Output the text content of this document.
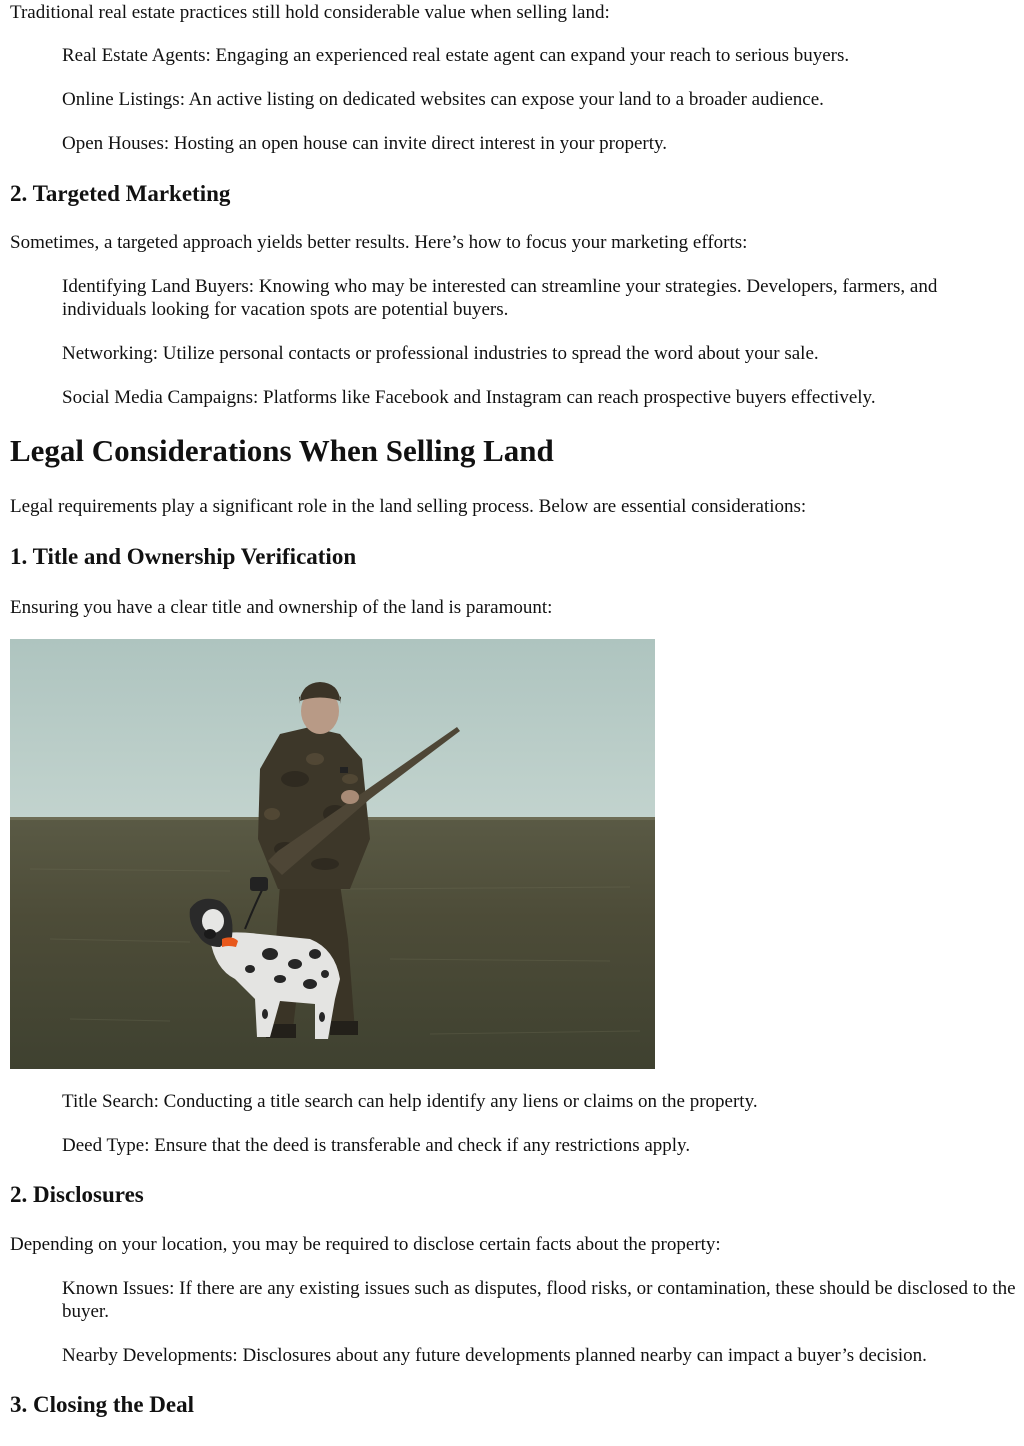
Traditional real estate practices still hold considerable value when selling land:

Real Estate Agents: Engaging an experienced real estate agent can expand your reach to serious buyers.

Online Listings: An active listing on dedicated websites can expose your land to a broader audience.

Open Houses: Hosting an open house can invite direct interest in your property.

2. Targeted Marketing

Sometimes, a targeted approach yields better results. Here’s how to focus your marketing efforts:

Identifying Land Buyers: Knowing who may be interested can streamline your strategies. Developers, farmers, and individuals looking for vacation spots are potential buyers.

Networking: Utilize personal contacts or professional industries to spread the word about your sale.

Social Media Campaigns: Platforms like Facebook and Instagram can reach prospective buyers effectively.

Legal Considerations When Selling Land

Legal requirements play a significant role in the land selling process. Below are essential considerations:

1. Title and Ownership Verification

Ensuring you have a clear title and ownership of the land is paramount:

Title Search: Conducting a title search can help identify any liens or claims on the property.

Deed Type: Ensure that the deed is transferable and check if any restrictions apply.

2. Disclosures

Depending on your location, you may be required to disclose certain facts about the property:

Known Issues: If there are any existing issues such as disputes, flood risks, or contamination, these should be disclosed to the buyer.

Nearby Developments: Disclosures about any future developments planned nearby can impact a buyer’s decision.

3. Closing the Deal
